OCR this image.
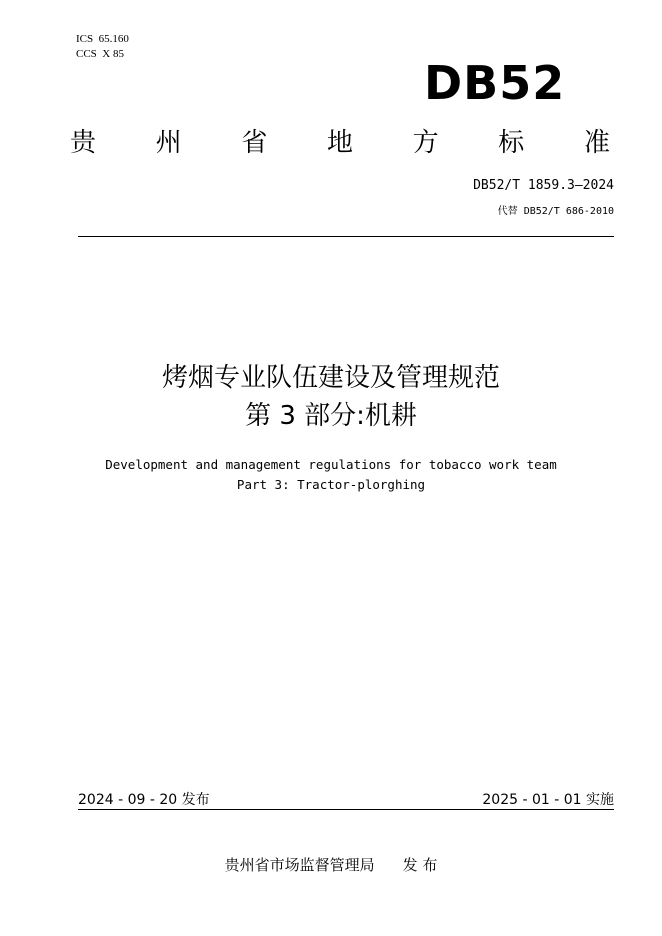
ICS  65.160
CCS  X 85
DB52
贵 州 省 地 方 标 准
DB52/T 1859.3—2024
代替 DB52/T 686-2010
烤烟专业队伍建设及管理规范
第 3 部分:机耕
Development and management regulations for tobacco work team
Part 3: Tractor-plorghing
2024 - 09 - 20 发布	2025 - 01 - 01 实施
贵州省市场监督管理局 发 布
